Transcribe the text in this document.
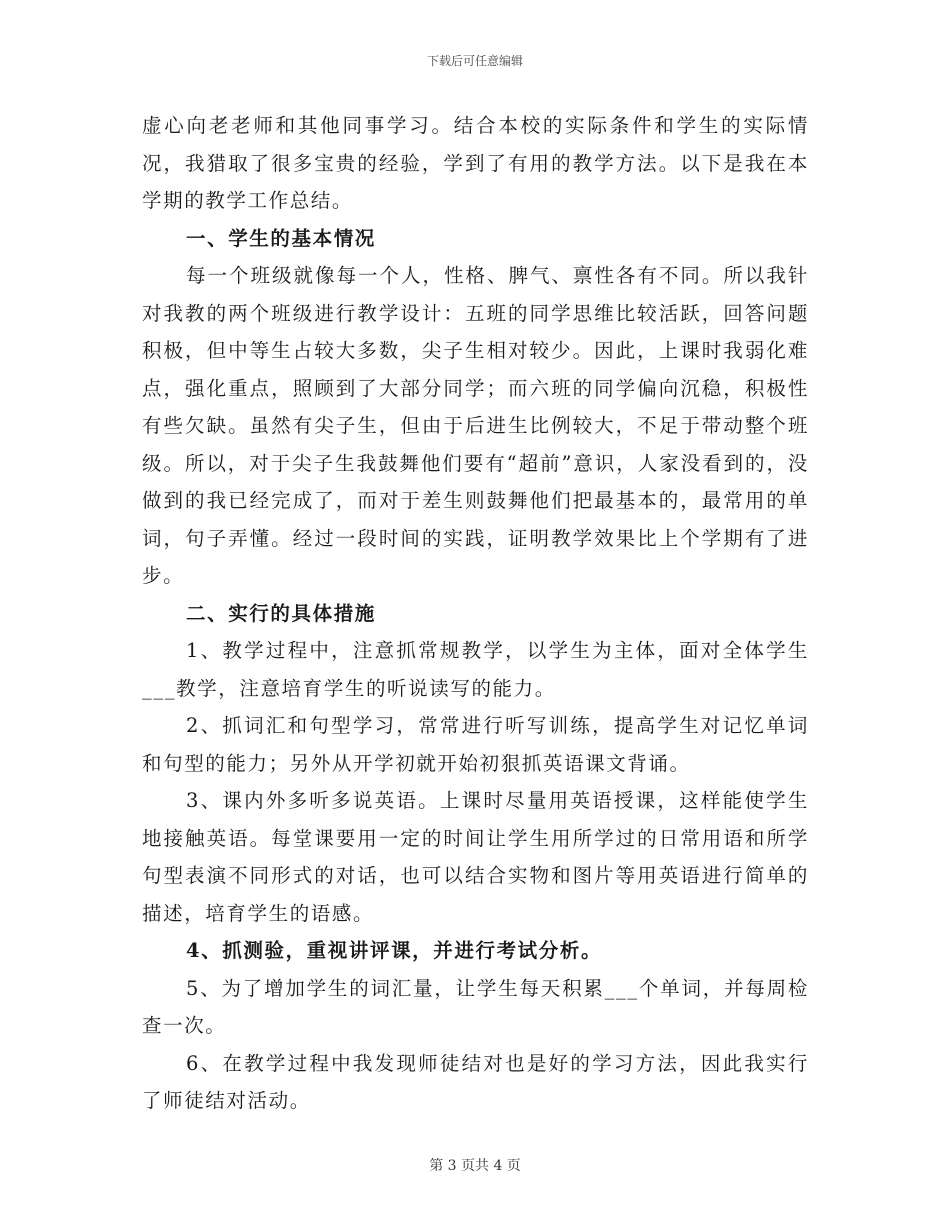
下载后可任意编辑

虚心向老老师和其他同事学习。结合本校的实际条件和学生的实际情况，我猎取了很多宝贵的经验，学到了有用的教学方法。以下是我在本学期的教学工作总结。

一、学生的基本情况

每一个班级就像每一个人，性格、脾气、禀性各有不同。所以我针对我教的两个班级进行教学设计：五班的同学思维比较活跃，回答问题积极，但中等生占较大多数，尖子生相对较少。因此，上课时我弱化难点，强化重点，照顾到了大部分同学；而六班的同学偏向沉稳，积极性有些欠缺。虽然有尖子生，但由于后进生比例较大，不足于带动整个班级。所以，对于尖子生我鼓舞他们要有“超前”意识，人家没看到的，没做到的我已经完成了，而对于差生则鼓舞他们把最基本的，最常用的单词，句子弄懂。经过一段时间的实践，证明教学效果比上个学期有了进步。

二、实行的具体措施

1、教学过程中，注意抓常规教学，以学生为主体，面对全体学生___教学，注意培育学生的听说读写的能力。

2、抓词汇和句型学习，常常进行听写训练，提高学生对记忆单词和句型的能力；另外从开学初就开始初狠抓英语课文背诵。

3、课内外多听多说英语。上课时尽量用英语授课，这样能使学生地接触英语。每堂课要用一定的时间让学生用所学过的日常用语和所学句型表演不同形式的对话，也可以结合实物和图片等用英语进行简单的描述，培育学生的语感。

4、抓测验，重视讲评课，并进行考试分析。

5、为了增加学生的词汇量，让学生每天积累___个单词，并每周检查一次。

6、在教学过程中我发现师徒结对也是好的学习方法，因此我实行了师徒结对活动。

第 3 页共 4 页
